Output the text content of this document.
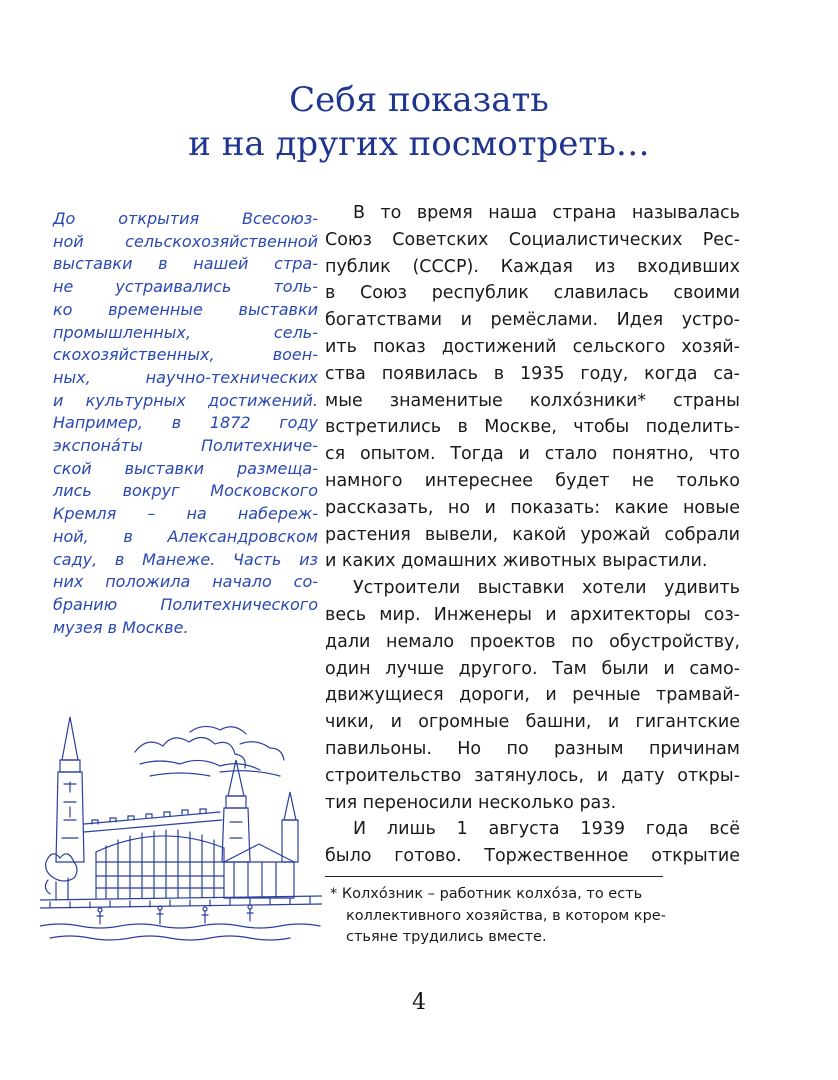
Себя показать
и на других посмотреть…
До открытия Всесоюз-
ной сельскохозяйственной
выставки в нашей стра-
не устраивались толь-
ко временные выставки
промышленных, сель-
скохозяйственных, воен-
ных, научно-технических
и культурных достижений.
Например, в 1872 году
экспона́ты Политехниче-
ской выставки размеща-
лись вокруг Московского
Кремля – на набереж-
ной, в Александровском
саду, в Манеже. Часть из
них положила начало со-
бранию Политехнического
музея в Москве.
В то время наша страна называлась
Союз Советских Социалистических Рес-
публик (СССР). Каждая из входивших
в Союз республик славилась своими
богатствами и ремёслами. Идея устро-
ить показ достижений сельского хозяй-
ства появилась в 1935 году, когда са-
мые знаменитые колхо́зники* страны
встретились в Москве, чтобы поделить-
ся опытом. Тогда и стало понятно, что
намного интереснее будет не только
рассказать, но и показать: какие новые
растения вывели, какой урожай собрали
и каких домашних животных вырастили.
Устроители выставки хотели удивить
весь мир. Инженеры и архитекторы соз-
дали немало проектов по обустройству,
один лучше другого. Там были и само-
движущиеся дороги, и речные трамвай-
чики, и огромные башни, и гигантские
павильоны. Но по разным причинам
строительство затянулось, и дату откры-
тия переносили несколько раз.
И лишь 1 августа 1939 года всё
было готово. Торжественное открытие
* Колхо́зник – работник колхо́за, то есть
коллективного хозяйства, в котором кре-
стьяне трудились вместе.
4
